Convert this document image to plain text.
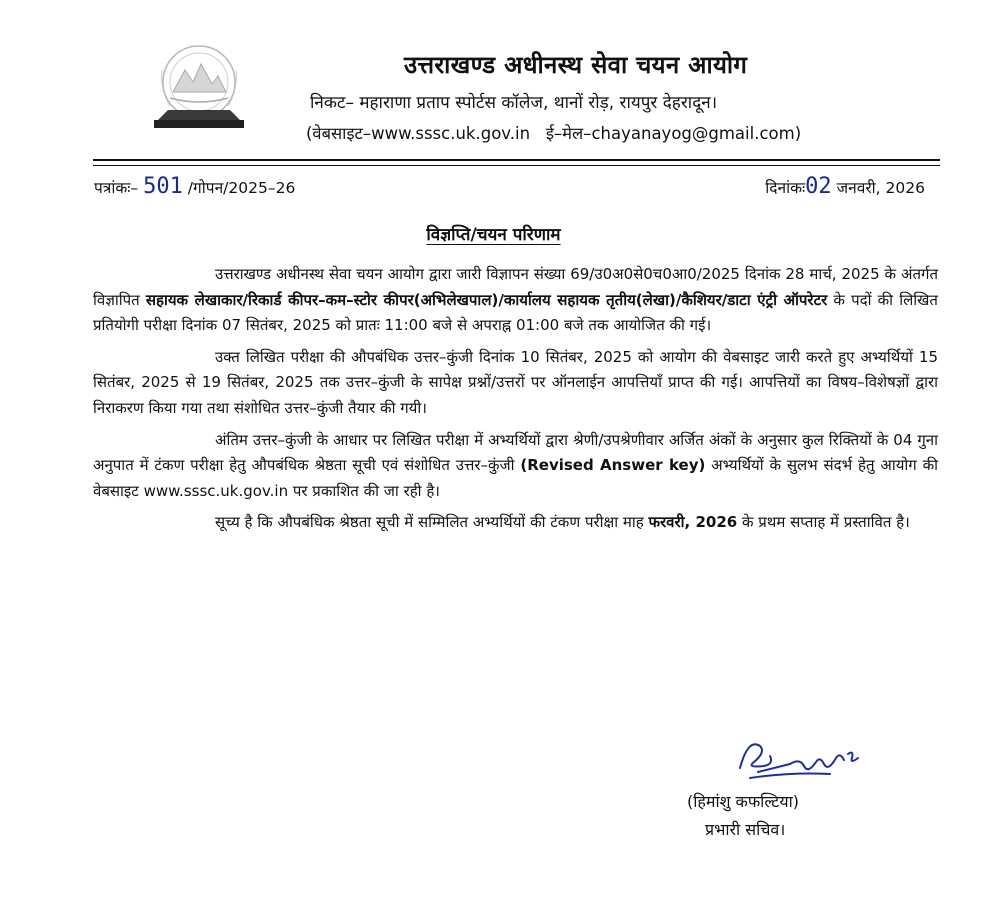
उत्तराखण्ड अधीनस्थ सेवा चयन आयोग
निकट– महाराणा प्रताप स्पोर्टस कॉलेज, थानों रोड़, रायपुर देहरादून।
(वेबसाइट–www.sssc.uk.gov.in ई–मेल–chayanayog@gmail.com)
पत्रांकः– 501 /गोपन/2025–26	दिनांकः02 जनवरी, 2026
विज्ञप्ति/चयन परिणाम

उत्तराखण्ड अधीनस्थ सेवा चयन आयोग द्वारा जारी विज्ञापन संख्या 69/उ0अ0से0च0आ0/2025 दिनांक 28 मार्च, 2025 के अंतर्गत विज्ञापित सहायक लेखाकार/रिकार्ड कीपर–कम–स्टोर कीपर(अभिलेखपाल)/कार्यालय सहायक तृतीय(लेखा)/कैशियर/डाटा एंट्री ऑपरेटर के पदों की लिखित प्रतियोगी परीक्षा दिनांक 07 सितंबर, 2025 को प्रातः 11:00 बजे से अपराह्न 01:00 बजे तक आयोजित की गई।

उक्त लिखित परीक्षा की औपबंधिक उत्तर–कुंजी दिनांक 10 सितंबर, 2025 को आयोग की वेबसाइट जारी करते हुए अभ्यर्थियों 15 सितंबर, 2025 से 19 सितंबर, 2025 तक उत्तर–कुंजी के सापेक्ष प्रश्नों/उत्तरों पर ऑनलाईन आपत्तियाँ प्राप्त की गई। आपत्तियों का विषय–विशेषज्ञों द्वारा निराकरण किया गया तथा संशोधित उत्तर–कुंजी तैयार की गयी।

अंतिम उत्तर–कुंजी के आधार पर लिखित परीक्षा में अभ्यर्थियों द्वारा श्रेणी/उपश्रेणीवार अर्जित अंकों के अनुसार कुल रिक्तियों के 04 गुना अनुपात में टंकण परीक्षा हेतु औपबंधिक श्रेष्ठता सूची एवं संशोधित उत्तर–कुंजी (Revised Answer key) अभ्यर्थियों के सुलभ संदर्भ हेतु आयोग की वेबसाइट www.sssc.uk.gov.in पर प्रकाशित की जा रही है।

सूच्य है कि औपबंधिक श्रेष्ठता सूची में सम्मिलित अभ्यर्थियों की टंकण परीक्षा माह फरवरी, 2026 के प्रथम सप्ताह में प्रस्तावित है।

(हिमांशु कफल्टिया)
प्रभारी सचिव।
